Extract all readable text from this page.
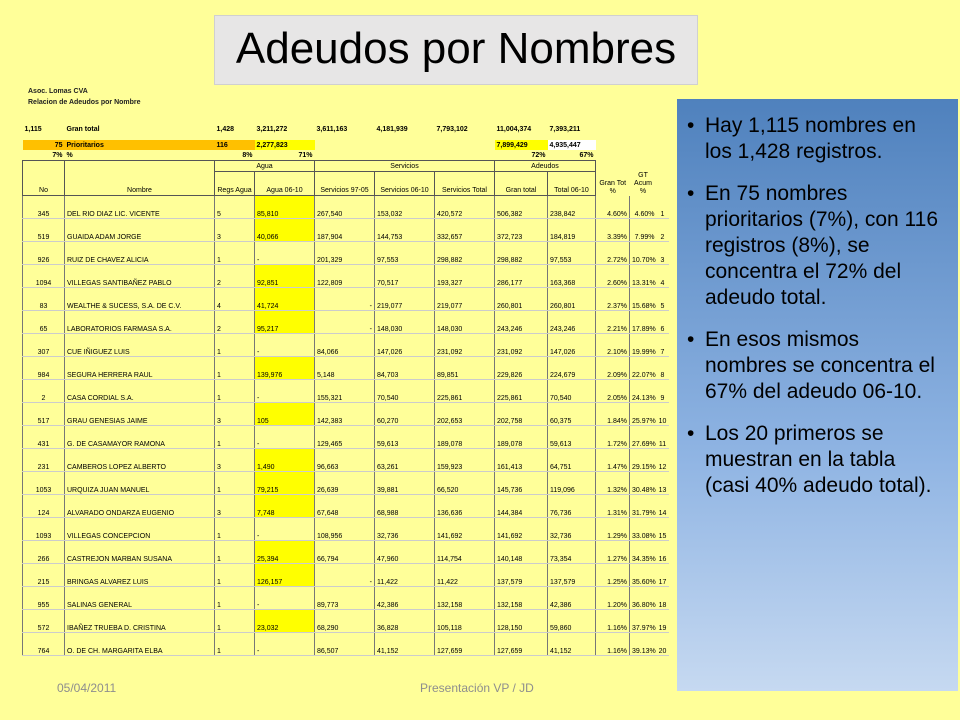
Adeudos por Nombres
Asoc. Lomas CVA
Relacion de Adeudos por Nombre
1,115	Gran total	1,428	3,211,272	3,611,163	4,181,939	7,793,102	11,004,374	7,393,211			

75	Prioritarios	116	2,277,823				7,899,429	4,935,447			
7%	%	8%	71%				72%	67%			
No	Nombre	Agua		Servicios			Adeudos				
		Regs Agua	Agua 06-10	Servicios 97-05	Servicios 06-10	Servicios Total	Gran total	Total 06-10	Gran Tot %	GT Acum %	
345	DEL RIO DIAZ LIC. VICENTE	5	85,810	267,540	153,032	420,572	506,382	238,842	4.60%	4.60%	1
519	GUAIDA ADAM JORGE	3	40,066	187,904	144,753	332,657	372,723	184,819	3.39%	7.99%	2
926	RUIZ DE CHAVEZ ALICIA	1	-	201,329	97,553	298,882	298,882	97,553	2.72%	10.70%	3
1094	VILLEGAS SANTIBAÑEZ PABLO	2	92,851	122,809	70,517	193,327	286,177	163,368	2.60%	13.31%	4
83	WEALTHE & SUCESS, S.A. DE C.V.	4	41,724	-	219,077	219,077	260,801	260,801	2.37%	15.68%	5
65	LABORATORIOS FARMASA S.A.	2	95,217	-	148,030	148,030	243,246	243,246	2.21%	17.89%	6
307	CUE IÑIGUEZ LUIS	1	-	84,066	147,026	231,092	231,092	147,026	2.10%	19.99%	7
984	SEGURA HERRERA RAUL	1	139,976	5,148	84,703	89,851	229,826	224,679	2.09%	22.07%	8
2	CASA CORDIAL S.A.	1	-	155,321	70,540	225,861	225,861	70,540	2.05%	24.13%	9
517	GRAU GENESIAS JAIME	3	105	142,383	60,270	202,653	202,758	60,375	1.84%	25.97%	10
431	G. DE CASAMAYOR RAMONA	1	-	129,465	59,613	189,078	189,078	59,613	1.72%	27.69%	11
231	CAMBEROS LOPEZ ALBERTO	3	1,490	96,663	63,261	159,923	161,413	64,751	1.47%	29.15%	12
1053	URQUIZA JUAN MANUEL	1	79,215	26,639	39,881	66,520	145,736	119,096	1.32%	30.48%	13
124	ALVARADO ONDARZA EUGENIO	3	7,748	67,648	68,988	136,636	144,384	76,736	1.31%	31.79%	14
1093	VILLEGAS CONCEPCION	1	-	108,956	32,736	141,692	141,692	32,736	1.29%	33.08%	15
266	CASTREJON MARBAN SUSANA	1	25,394	66,794	47,960	114,754	140,148	73,354	1.27%	34.35%	16
215	BRINGAS ALVAREZ LUIS	1	126,157	-	11,422	11,422	137,579	137,579	1.25%	35.60%	17
955	SALINAS GENERAL	1	-	89,773	42,386	132,158	132,158	42,386	1.20%	36.80%	18
572	IBAÑEZ TRUEBA D. CRISTINA	1	23,032	68,290	36,828	105,118	128,150	59,860	1.16%	37.97%	19
764	O. DE CH. MARGARITA ELBA	1	-	86,507	41,152	127,659	127,659	41,152	1.16%	39.13%	20
• Hay 1,115 nombres en los 1,428 registros.
• En 75 nombres prioritarios (7%), con 116 registros (8%), se concentra el 72% del adeudo total.
• En esos mismos nombres se concentra el 67% del adeudo 06-10.
• Los 20 primeros se muestran en la tabla (casi 40% adeudo total).
05/04/2011	Presentación VP / JD
